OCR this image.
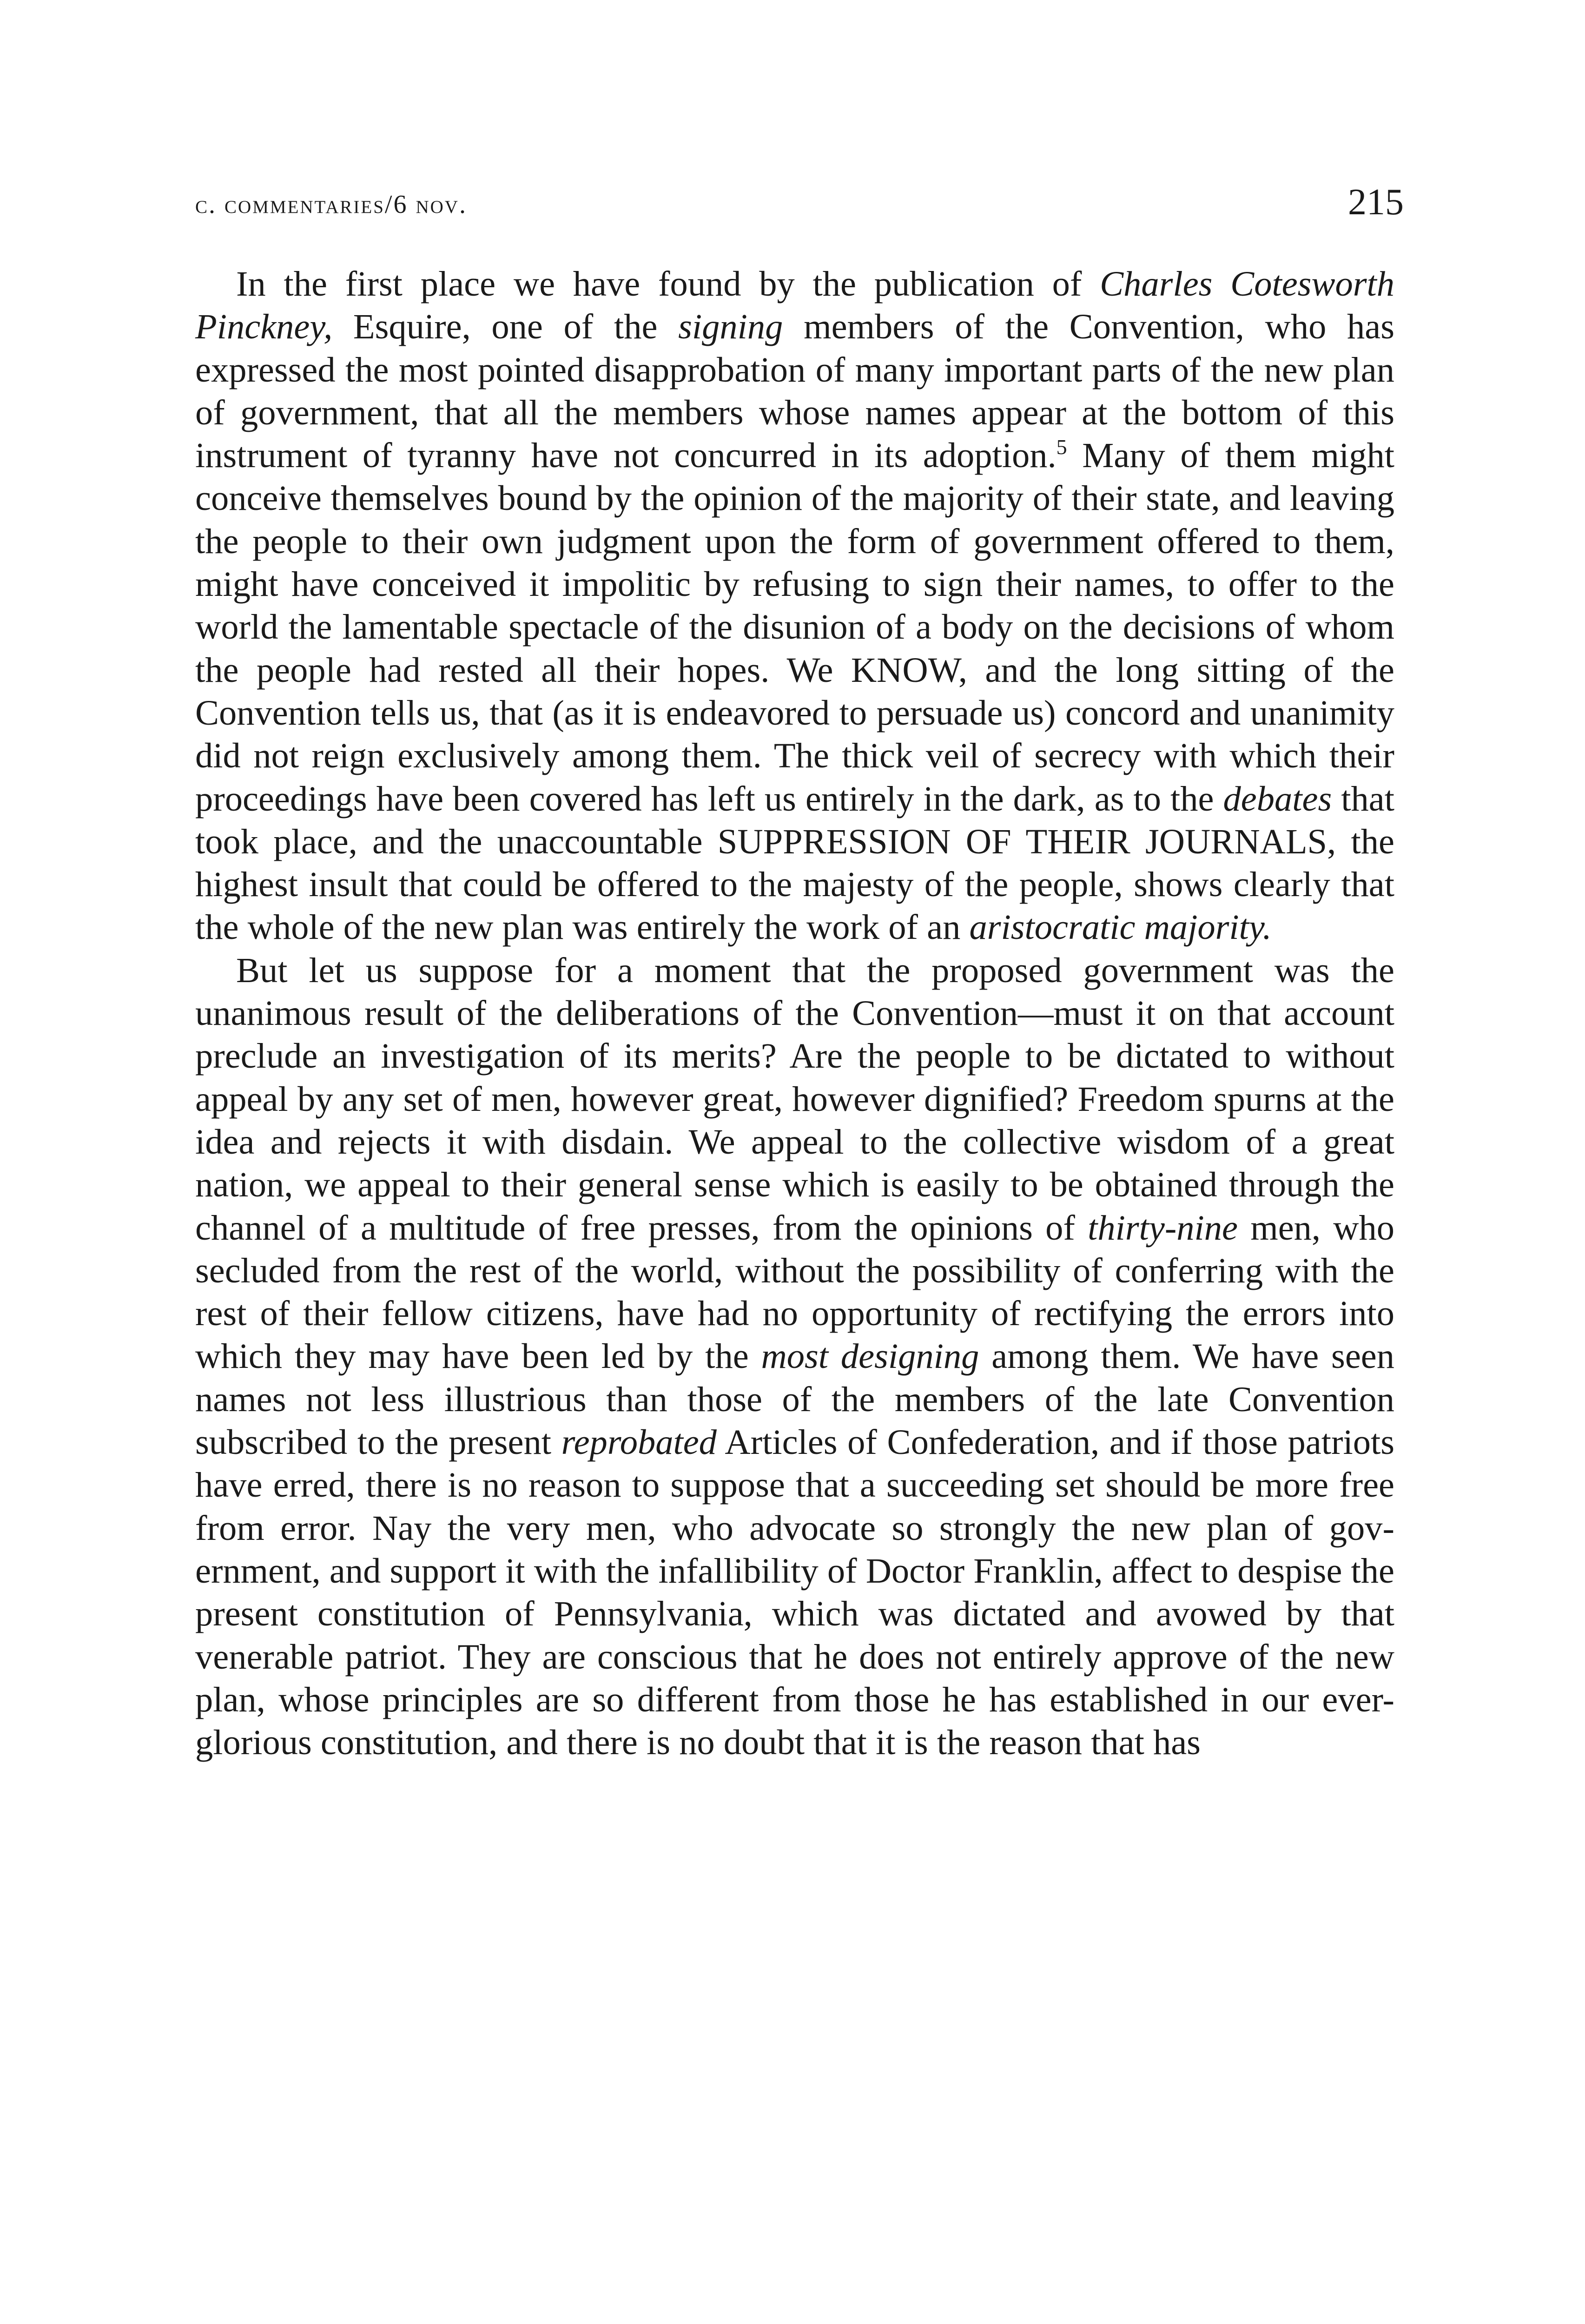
c. commentaries/6 nov.	215

In the first place we have found by the publication of Charles Cotesworth Pinckney, Esquire, one of the signing members of the Convention, who has expressed the most pointed disapprobation of many important parts of the new plan of government, that all the members whose names appear at the bottom of this instrument of tyranny have not concurred in its adoption.$^5$ Many of them might conceive themselves bound by the opinion of the majority of their state, and leaving the people to their own judgment upon the form of government offered to them, might have conceived it impolitic by refusing to sign their names, to offer to the world the lamentable spectacle of the disunion of a body on the decisions of whom the people had rested all their hopes. We KNOW, and the long sitting of the Convention tells us, that (as it is endeavored to persuade us) concord and unanimity did not reign exclusively among them. The thick veil of secrecy with which their proceedings have been covered has left us entirely in the dark, as to the debates that took place, and the unaccountable SUPPRESSION OF THEIR JOURNALS, the highest insult that could be offered to the majesty of the people, shows clearly that the whole of the new plan was entirely the work of an aristocratic majority.

But let us suppose for a moment that the proposed government was the unanimous result of the deliberations of the Convention—must it on that account preclude an investigation of its merits? Are the people to be dictated to without appeal by any set of men, however great, however dignified? Freedom spurns at the idea and rejects it with disdain. We appeal to the collective wisdom of a great nation, we appeal to their general sense which is easily to be obtained through the channel of a multitude of free presses, from the opinions of thirty-nine men, who secluded from the rest of the world, without the possibility of conferring with the rest of their fellow citizens, have had no opportunity of rectifying the errors into which they may have been led by the most designing among them. We have seen names not less illustrious than those of the members of the late Convention subscribed to the present reprobated Articles of Confederation, and if those patriots have erred, there is no reason to suppose that a succeeding set should be more free from error. Nay the very men, who advocate so strongly the new plan of gov-ernment, and support it with the infallibility of Doctor Franklin, affect to despise the present constitution of Pennsylvania, which was dictated and avowed by that venerable patriot. They are conscious that he does not entirely approve of the new plan, whose principles are so different from those he has established in our ever-glorious constitution, and there is no doubt that it is the reason that has
